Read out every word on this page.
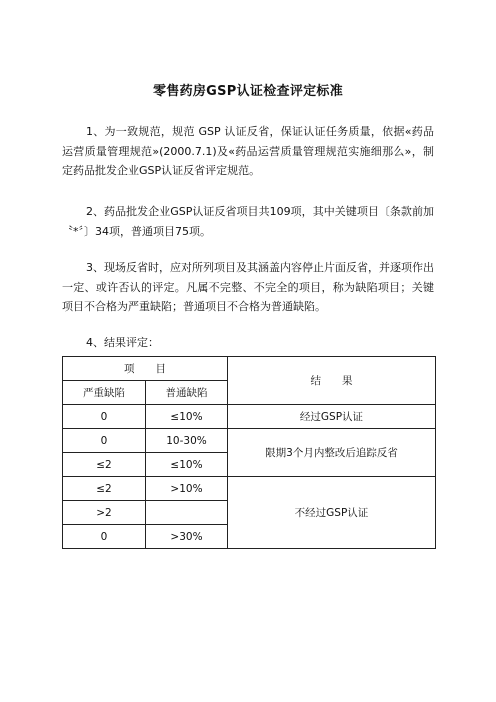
零售药房GSP认证检查评定标准

1、为一致规范，规范 GSP 认证反省，保证认证任务质量，依据«药品运营质量管理规范»(2000.7.1)及«药品运营质量管理规范实施细那么»，制定药品批发企业GSP认证反省评定规范。

2、药品批发企业GSP认证反省项目共109项，其中关键项目〔条款前加〝*〞〕34项，普通项目75项。

3、现场反省时，应对所列项目及其涵盖内容停止片面反省，并逐项作出一定、或许否认的评定。凡属不完整、不完全的项目，称为缺陷项目；关键项目不合格为严重缺陷；普通项目不合格为普通缺陷。

4、结果评定：

项　　目		结　　果
严重缺陷	普通缺陷	
0	≤10%	经过GSP认证
0	10-30%	限期3个月内整改后追踪反省
≤2	≤10%	
≤2	>10%	不经过GSP认证
>2		
0	>30%	
